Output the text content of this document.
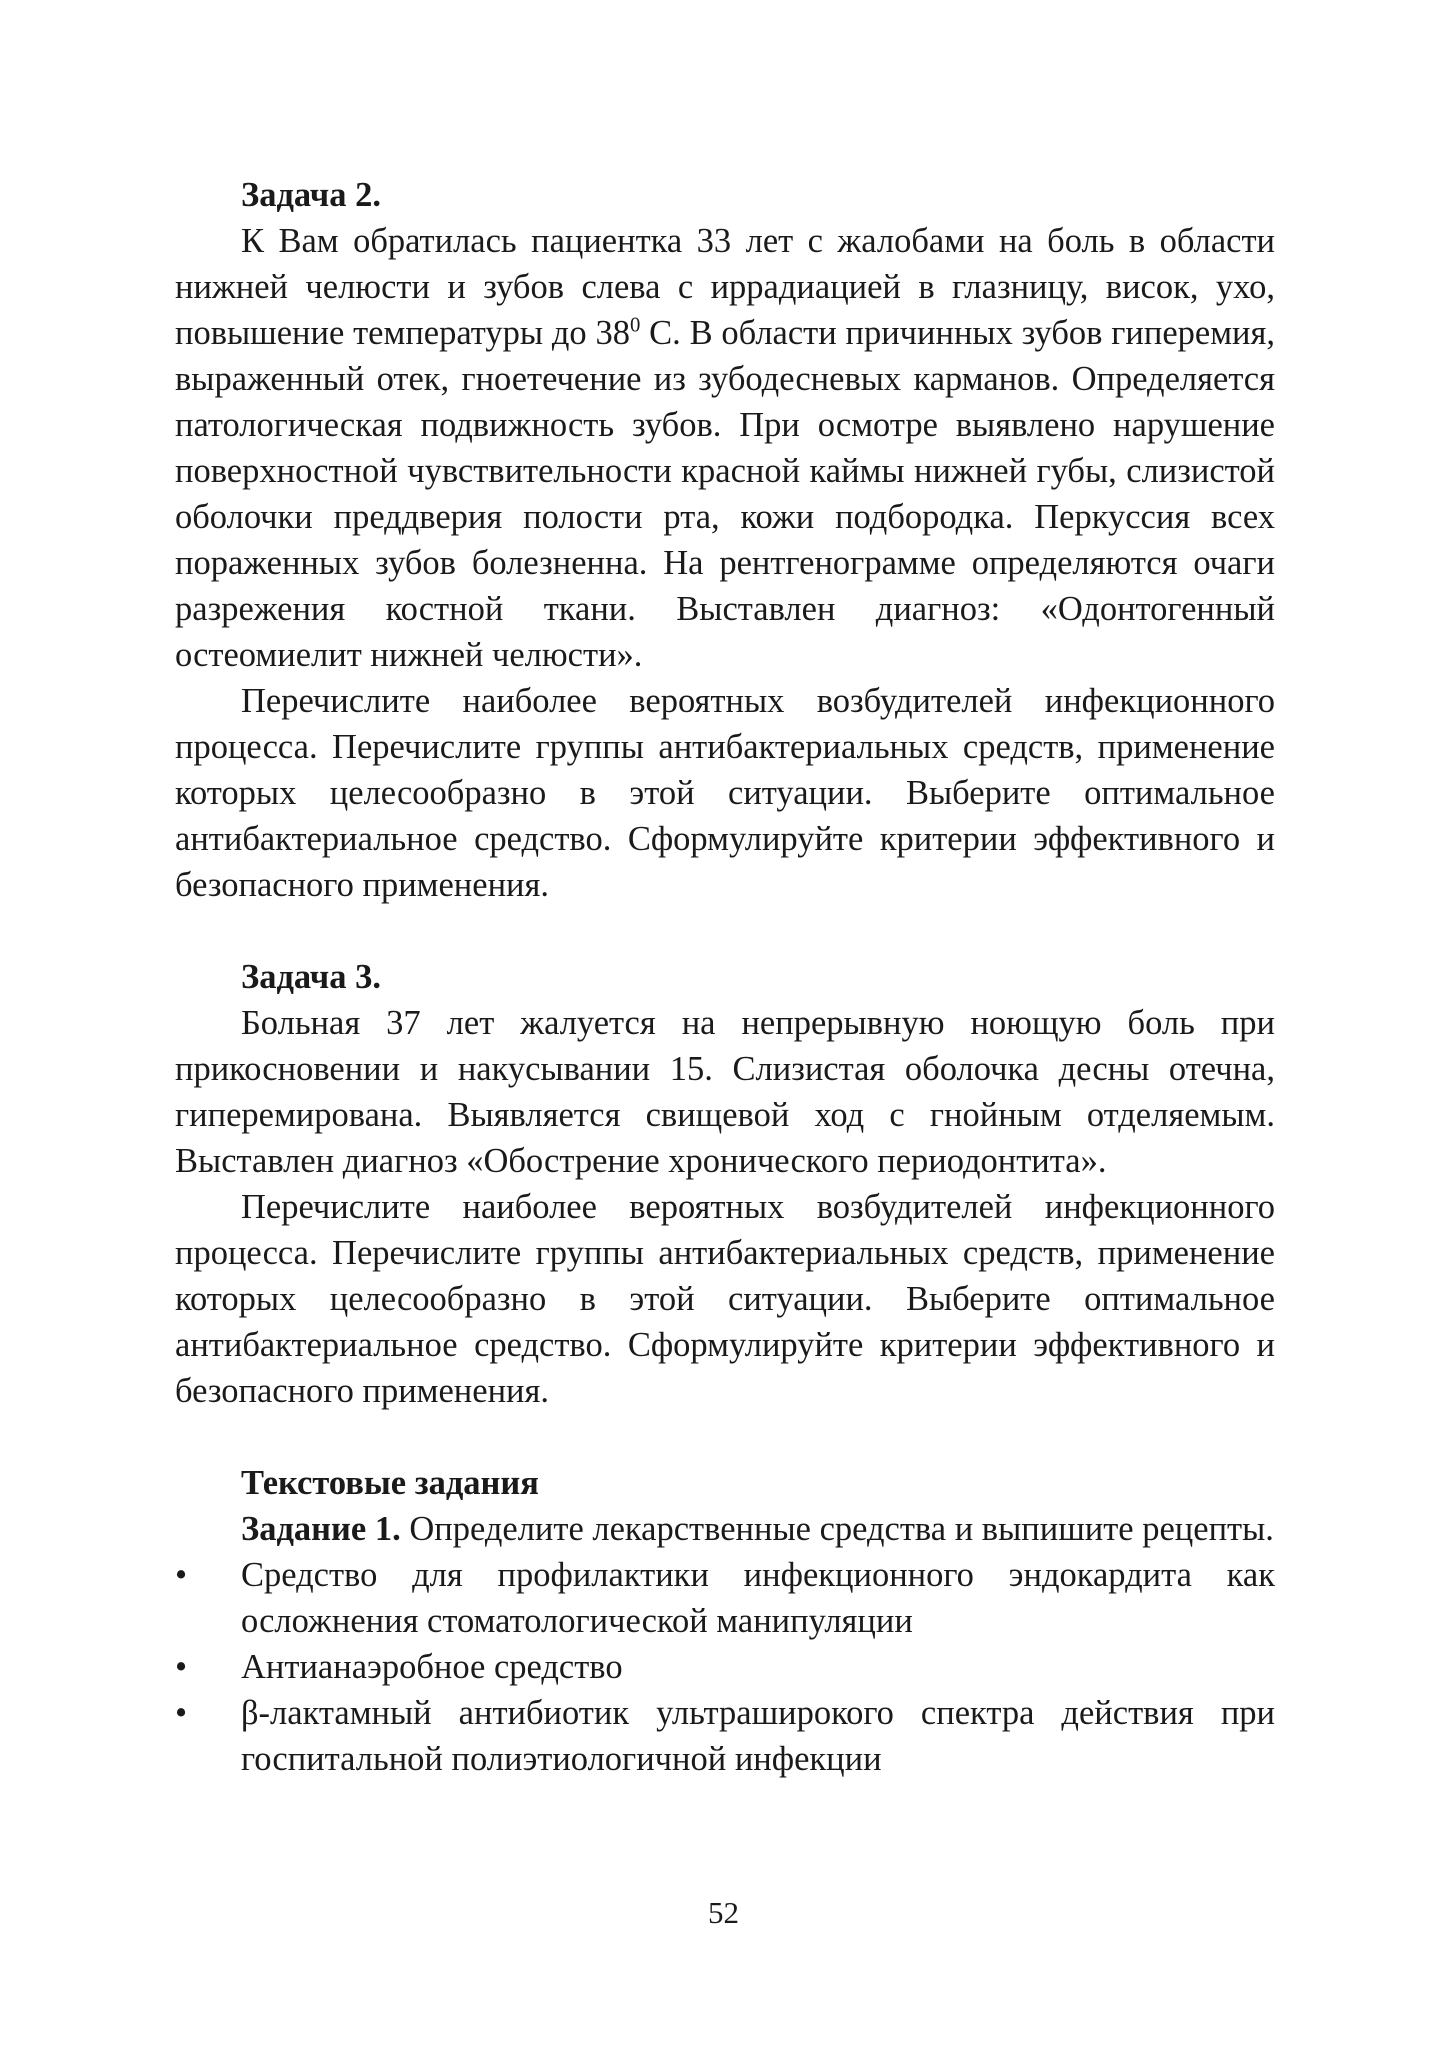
Задача 2.

К Вам обратилась пациентка 33 лет с жалобами на боль в области нижней челюсти и зубов слева с иррадиацией в глазницу, висок, ухо, повышение температуры до $38^0$ С. В области причинных зубов гиперемия, выраженный отек, гноетечение из зубодесневых карманов. Определяется патологическая подвижность зубов. При осмотре выявлено нарушение поверхностной чувствительности красной каймы нижней губы, слизистой оболочки преддверия полости рта, кожи подбородка. Перкуссия всех пораженных зубов болезненна. На рентгенограмме определяются очаги разрежения костной ткани. Выставлен диагноз: «Одонтогенный остеомиелит нижней челюсти».

Перечислите наиболее вероятных возбудителей инфекционного процесса. Перечислите группы антибактериальных средств, применение которых целесообразно в этой ситуации. Выберите оптимальное антибактериальное средство. Сформулируйте критерии эффективного и безопасного применения.

Задача 3.

Больная 37 лет жалуется на непрерывную ноющую боль при прикосновении и накусывании 15. Слизистая оболочка десны отечна, гиперемирована. Выявляется свищевой ход с гнойным отделяемым. Выставлен диагноз «Обострение хронического периодонтита».

Перечислите наиболее вероятных возбудителей инфекционного процесса. Перечислите группы антибактериальных средств, применение которых целесообразно в этой ситуации. Выберите оптимальное антибактериальное средство. Сформулируйте критерии эффективного и безопасного применения.

Текстовые задания

Задание 1. Определите лекарственные средства и выпишите рецепты.

•	Средство для профилактики инфекционного эндокардита как осложнения стоматологической манипуляции
•	Антианаэробное средство
•	β-лактамный антибиотик ультраширокого спектра действия при госпитальной полиэтиологичной инфекции
52
